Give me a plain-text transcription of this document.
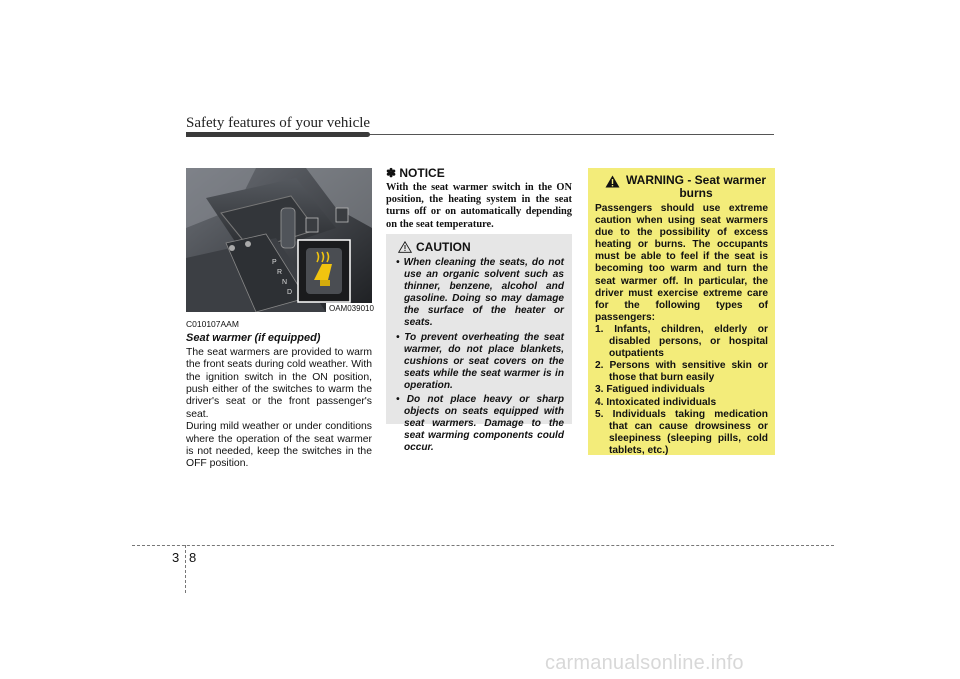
Safety features of your vehicle
P
R
N
D
OAM039010
C010107AAM
Seat warmer (if equipped)

The seat warmers are provided to warm the front seats during cold weather. With the ignition switch in the ON position, push either of the switches to warm the driver's seat or the front passenger's seat.

During mild weather or under conditions where the operation of the seat warmer is not needed, keep the switches in the OFF position.

✽ NOTICE
With the seat warmer switch in the ON position, the heating system in the seat turns off or on automatically depending on the seat temperature.
CAUTION
• When cleaning the seats, do not use an organic solvent such as thinner, benzene, alcohol and gasoline. Doing so may damage the surface of the heater or seats.
• To prevent overheating the seat warmer, do not place blankets, cushions or seat covers on the seats while the seat warmer is in operation.
• Do not place heavy or sharp objects on seats equipped with seat warmers. Damage to the seat warming components could occur.
WARNING - Seat warmer
burns
Passengers should use extreme caution when using seat warmers due to the possibility of excess heating or burns. The occupants must be able to feel if the seat is becoming too warm and turn the seat warmer off. In particular, the driver must exercise extreme care for the following types of passengers:
1. Infants, children, elderly or disabled persons, or hospital outpatients
2. Persons with sensitive skin or those that burn easily
3. Fatigued individuals
4. Intoxicated individuals
5. Individuals taking medication that can cause drowsiness or sleepiness (sleeping pills, cold tablets, etc.)
3 8
carmanualsonline.info
